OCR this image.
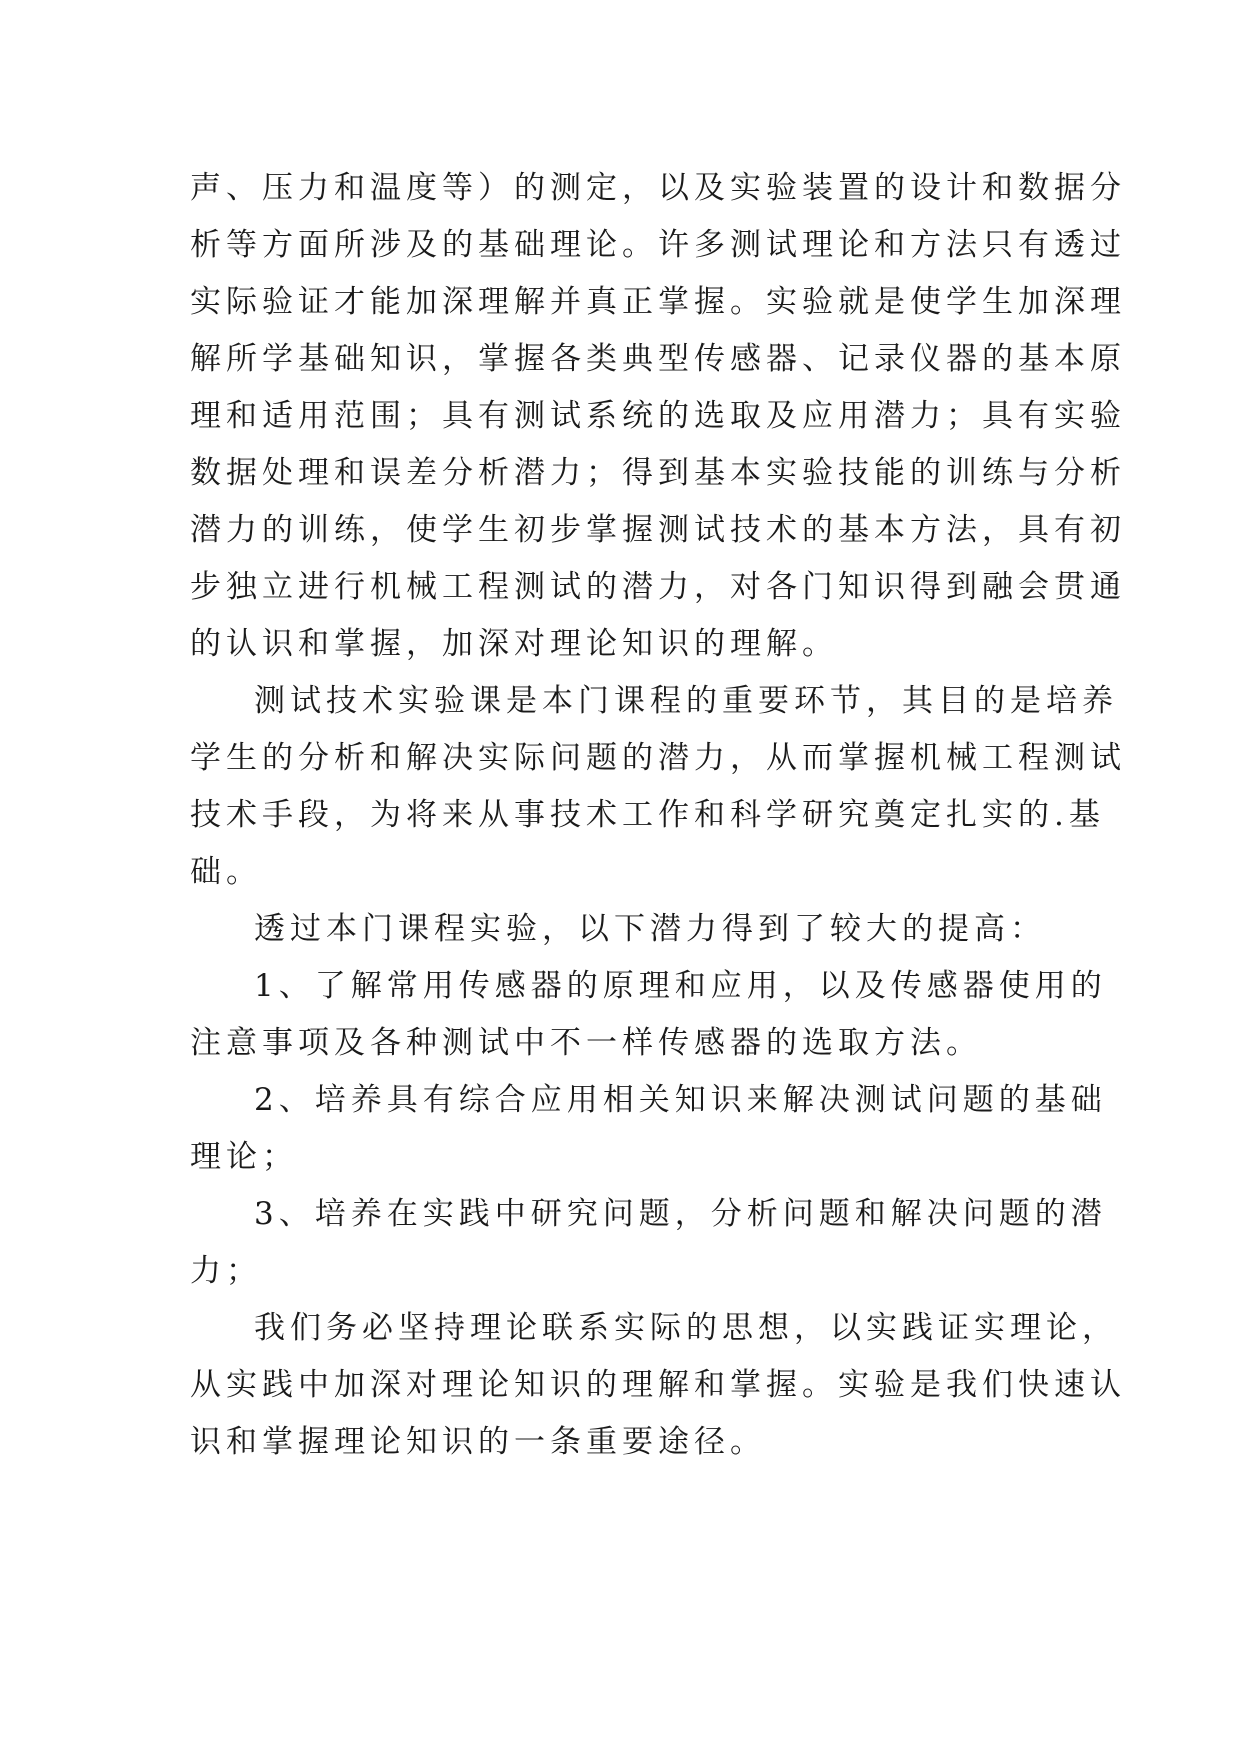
声、压力和温度等）的测定，以及实验装置的设计和数据分
析等方面所涉及的基础理论。许多测试理论和方法只有透过
实际验证才能加深理解并真正掌握。实验就是使学生加深理
解所学基础知识，掌握各类典型传感器、记录仪器的基本原
理和适用范围；具有测试系统的选取及应用潜力；具有实验
数据处理和误差分析潜力；得到基本实验技能的训练与分析
潜力的训练，使学生初步掌握测试技术的基本方法，具有初
步独立进行机械工程测试的潜力，对各门知识得到融会贯通
的认识和掌握，加深对理论知识的理解。
测试技术实验课是本门课程的重要环节，其目的是培养
学生的分析和解决实际问题的潜力，从而掌握机械工程测试
技术手段，为将来从事技术工作和科学研究奠定扎实的.基
础。
透过本门课程实验，以下潜力得到了较大的提高：
1、了解常用传感器的原理和应用，以及传感器使用的
注意事项及各种测试中不一样传感器的选取方法。
2、培养具有综合应用相关知识来解决测试问题的基础
理论；
3、培养在实践中研究问题，分析问题和解决问题的潜
力；
我们务必坚持理论联系实际的思想，以实践证实理论，
从实践中加深对理论知识的理解和掌握。实验是我们快速认
识和掌握理论知识的一条重要途径。
